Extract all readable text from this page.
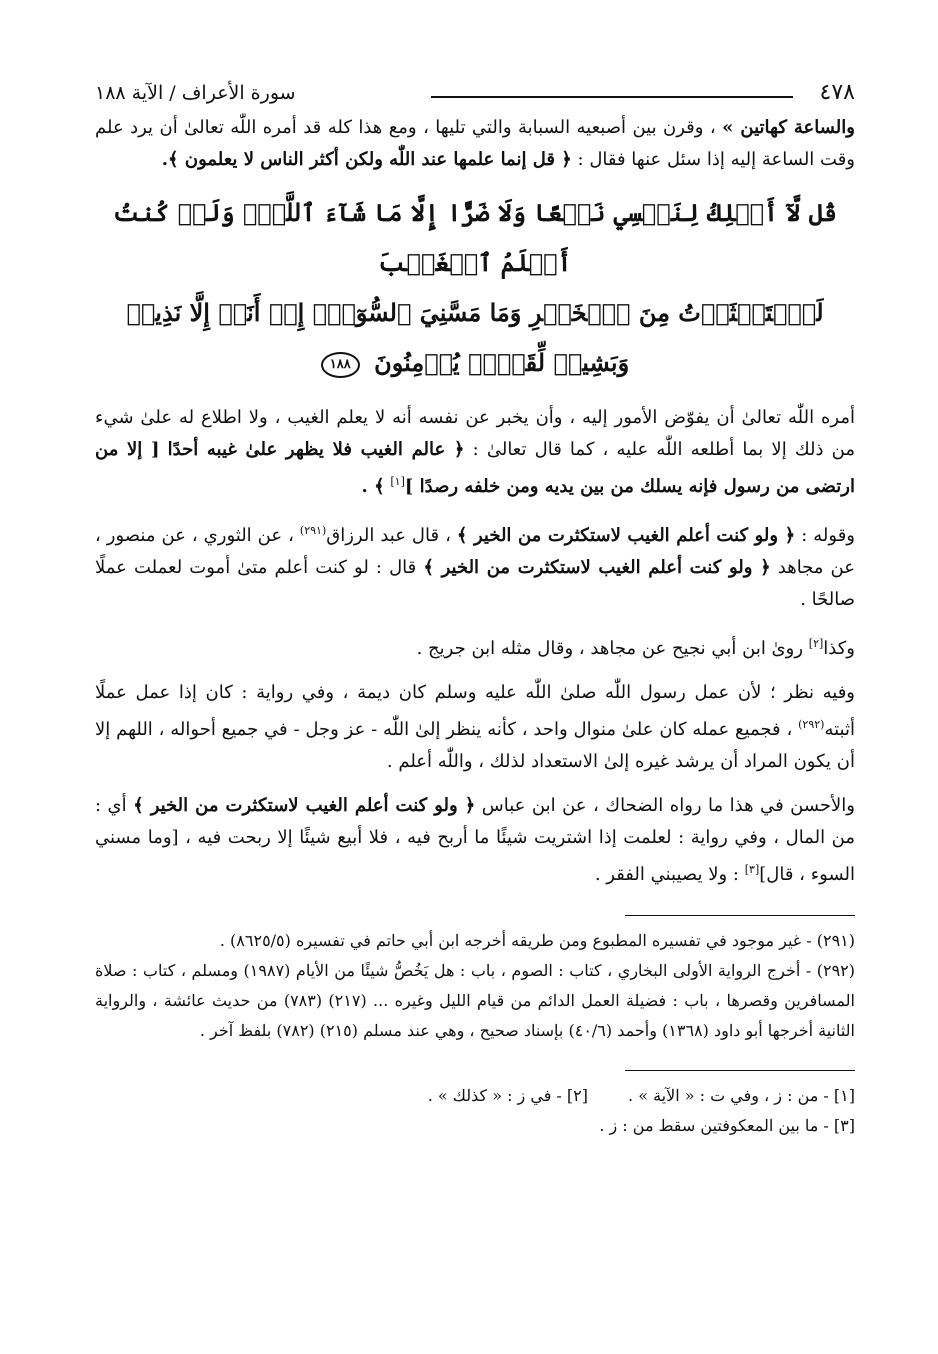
٤٧٨
سورة الأعراف / الآية ١٨٨

والساعة كهاتين » ، وقرن بين أصبعيه السبابة والتي تليها ، ومع هذا كله قد أمره اللّٰه تعالىٰ أن يرد علم وقت الساعة إليه إذا سئل عنها فقال : ﴿ قل إنما علمها عند اللّٰه ولكن أكثر الناس لا يعلمون ﴾.

قُل لَّآ أَمۡلِكُ لِنَفۡسِي نَفۡعًا وَلَا ضَرًّا إِلَّا مَا شَآءَ ٱللَّهُۚ وَلَوۡ كُنتُ أَعۡلَمُ ٱلۡغَيۡبَ
لَٱسۡتَكۡثَرۡتُ مِنَ ٱلۡخَيۡرِ وَمَا مَسَّنِيَ ٱلسُّوٓءُۚ إِنۡ أَنَا۠ إِلَّا نَذِيرٞ وَبَشِيرٞ لِّقَوۡمٖ يُؤۡمِنُونَ ١٨٨

أمره اللّٰه تعالىٰ أن يفوّض الأمور إليه ، وأن يخبر عن نفسه أنه لا يعلم الغيب ، ولا اطلاع له علىٰ شيء من ذلك إلا بما أطلعه اللّٰه عليه ، كما قال تعالىٰ : ﴿ عالم الغيب فلا يظهر علىٰ غيبه أحدًا [ إلا من ارتضى من رسول فإنه يسلك من بين يديه ومن خلفه رصدًا ][١] ﴾ .

وقوله : ﴿ ولو كنت أعلم الغيب لاستكثرت من الخير ﴾ ، قال عبد الرزاق$^{(٢٩١)}$ ، عن الثوري ، عن منصور ، عن مجاهد ﴿ ولو كنت أعلم الغيب لاستكثرت من الخير ﴾ قال : لو كنت أعلم متىٰ أموت لعملت عملًا صالحًا .

وكذا[٢] روىٰ ابن أبي نجيح عن مجاهد ، وقال مثله ابن جريج .

وفيه نظر ؛ لأن عمل رسول اللّٰه صلىٰ اللّٰه عليه وسلم كان ديمة ، وفي رواية : كان إذا عمل عملًا أثبته$^{(٢٩٢)}$ ، فجميع عمله كان علىٰ منوال واحد ، كأنه ينظر إلىٰ اللّٰه - عز وجل - في جميع أحواله ، اللهم إلا أن يكون المراد أن يرشد غيره إلىٰ الاستعداد لذلك ، واللّٰه أعلم .

والأحسن في هذا ما رواه الضحاك ، عن ابن عباس ﴿ ولو كنت أعلم الغيب لاستكثرت من الخير ﴾ أي : من المال ، وفي رواية : لعلمت إذا اشتريت شيئًا ما أربح فيه ، فلا أبيع شيئًا إلا ربحت فيه ، [وما مسني السوء ، قال][٣] : ولا يصيبني الفقر .

(٢٩١) - غير موجود في تفسيره المطبوع ومن طريقه أخرجه ابن أبي حاتم في تفسيره (٨٦٢٥/٥) .

(٢٩٢) - أخرج الرواية الأولى البخاري ، كتاب : الصوم ، باب : هل يَخُصُّ شيئًا من الأيام (١٩٨٧) ومسلم ، كتاب : صلاة المسافرين وقصرها ، باب : فضيلة العمل الدائم من قيام الليل وغيره ... (٢١٧) (٧٨٣) من حديث عائشة ، والرواية الثانية أخرجها أبو داود (١٣٦٨) وأحمد (٤٠/٦) بإسناد صحيح ، وهي عند مسلم (٢١٥) (٧٨٢) بلفظ آخر .

[١] - من : ز ، وفي ت : « الآية » .
[٢] - في ز : « كذلك » .
[٣] - ما بين المعكوفتين سقط من : ز .
